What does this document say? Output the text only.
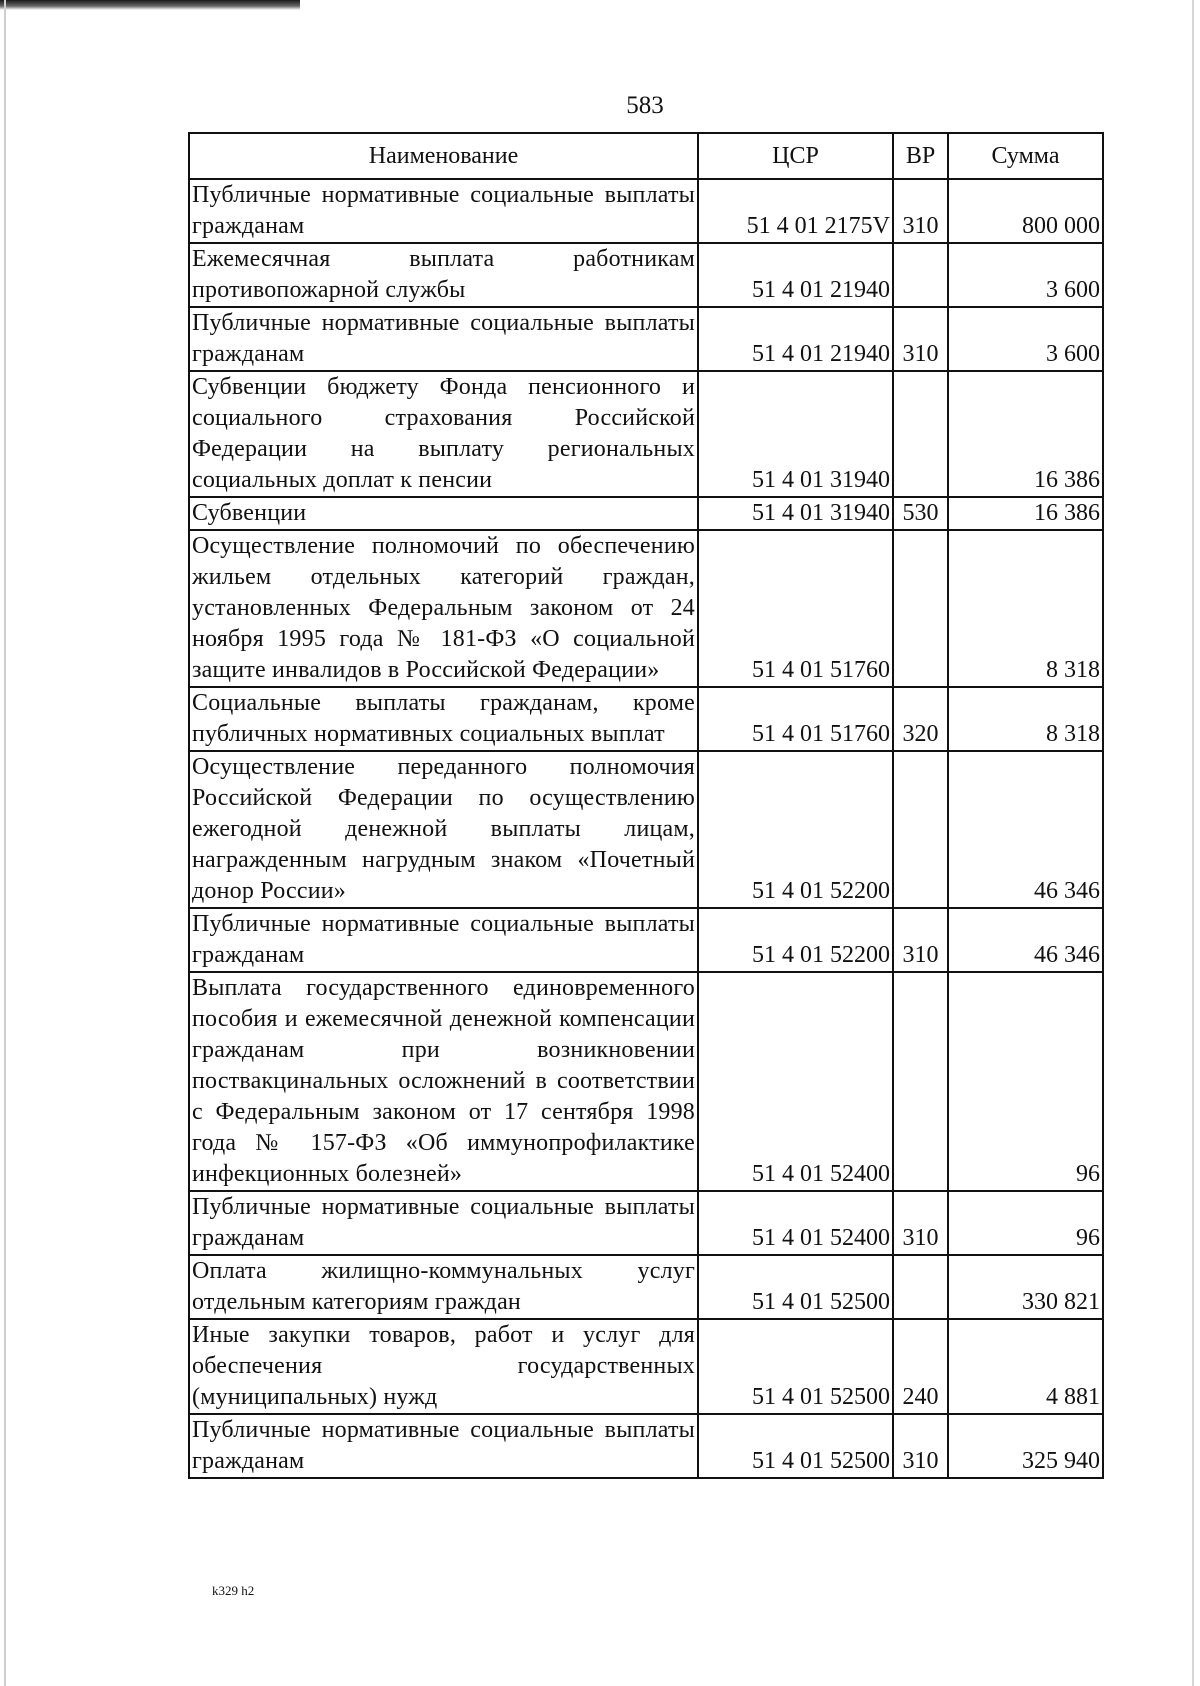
583
Наименование	ЦСР	ВР	Сумма
Публичные нормативные социальные выплаты гражданам	51 4 01 2175V	310	800 000
Ежемесячная выплата работникам противопожарной службы	51 4 01 21940		3 600
Публичные нормативные социальные выплаты гражданам	51 4 01 21940	310	3 600
Субвенции бюджету Фонда пенсионного и социального страхования Российской Федерации на выплату региональных социальных доплат к пенсии	51 4 01 31940		16 386
Субвенции	51 4 01 31940	530	16 386
Осуществление полномочий по обеспечению жильем отдельных категорий граждан, установленных Федеральным законом от 24 ноября 1995 года № 181-ФЗ «О социальной защите инвалидов в Российской Федерации»	51 4 01 51760		8 318
Социальные выплаты гражданам, кроме публичных нормативных социальных выплат	51 4 01 51760	320	8 318
Осуществление переданного полномочия Российской Федерации по осуществлению ежегодной денежной выплаты лицам, награжденным нагрудным знаком «Почетный донор России»	51 4 01 52200		46 346
Публичные нормативные социальные выплаты гражданам	51 4 01 52200	310	46 346
Выплата государственного единовременного пособия и ежемесячной денежной компенсации гражданам при возникновении поствакцинальных осложнений в соответствии с Федеральным законом от 17 сентября 1998 года № 157-ФЗ «Об иммунопрофилактике инфекционных болезней»	51 4 01 52400		96
Публичные нормативные социальные выплаты гражданам	51 4 01 52400	310	96
Оплата жилищно-коммунальных услуг отдельным категориям граждан	51 4 01 52500		330 821
Иные закупки товаров, работ и услуг для обеспечения государственных (муниципальных) нужд	51 4 01 52500	240	4 881
Публичные нормативные социальные выплаты гражданам	51 4 01 52500	310	325 940
k329 h2
